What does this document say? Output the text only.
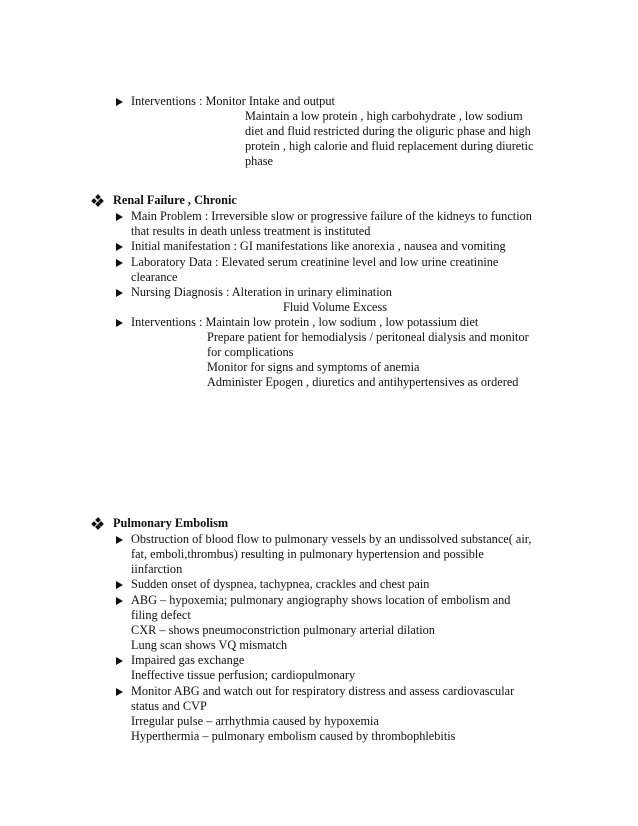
Interventions : Monitor Intake and output
Maintain a low protein , high carbohydrate , low sodium
diet and fluid restricted during the oliguric phase and high
protein , high calorie and fluid replacement during diuretic
phase
Renal Failure , Chronic
Main Problem : Irreversible slow or progressive failure of the kidneys to function
that results in death unless treatment is instituted
Initial manifestation : GI manifestations like anorexia , nausea and vomiting
Laboratory Data : Elevated serum creatinine level and low urine creatinine
clearance
Nursing Diagnosis : Alteration in urinary elimination
Fluid Volume Excess
Interventions : Maintain low protein , low sodium , low potassium diet
Prepare patient for hemodialysis / peritoneal dialysis and monitor
for complications
Monitor for signs and symptoms of anemia
Administer Epogen , diuretics and antihypertensives as ordered
Pulmonary Embolism
Obstruction of blood flow to pulmonary vessels by an undissolved substance( air,
fat, emboli,thrombus) resulting in pulmonary hypertension and possible
iinfarction
Sudden onset of dyspnea, tachypnea, crackles and chest pain
ABG – hypoxemia; pulmonary angiography shows location of embolism and
filing defect
CXR – shows pneumoconstriction pulmonary arterial dilation
Lung scan shows VQ mismatch
Impaired gas exchange
Ineffective tissue perfusion; cardiopulmonary
Monitor ABG and watch out for respiratory distress and assess cardiovascular
status and CVP
Irregular pulse – arrhythmia caused by hypoxemia
Hyperthermia – pulmonary embolism caused by thrombophlebitis
